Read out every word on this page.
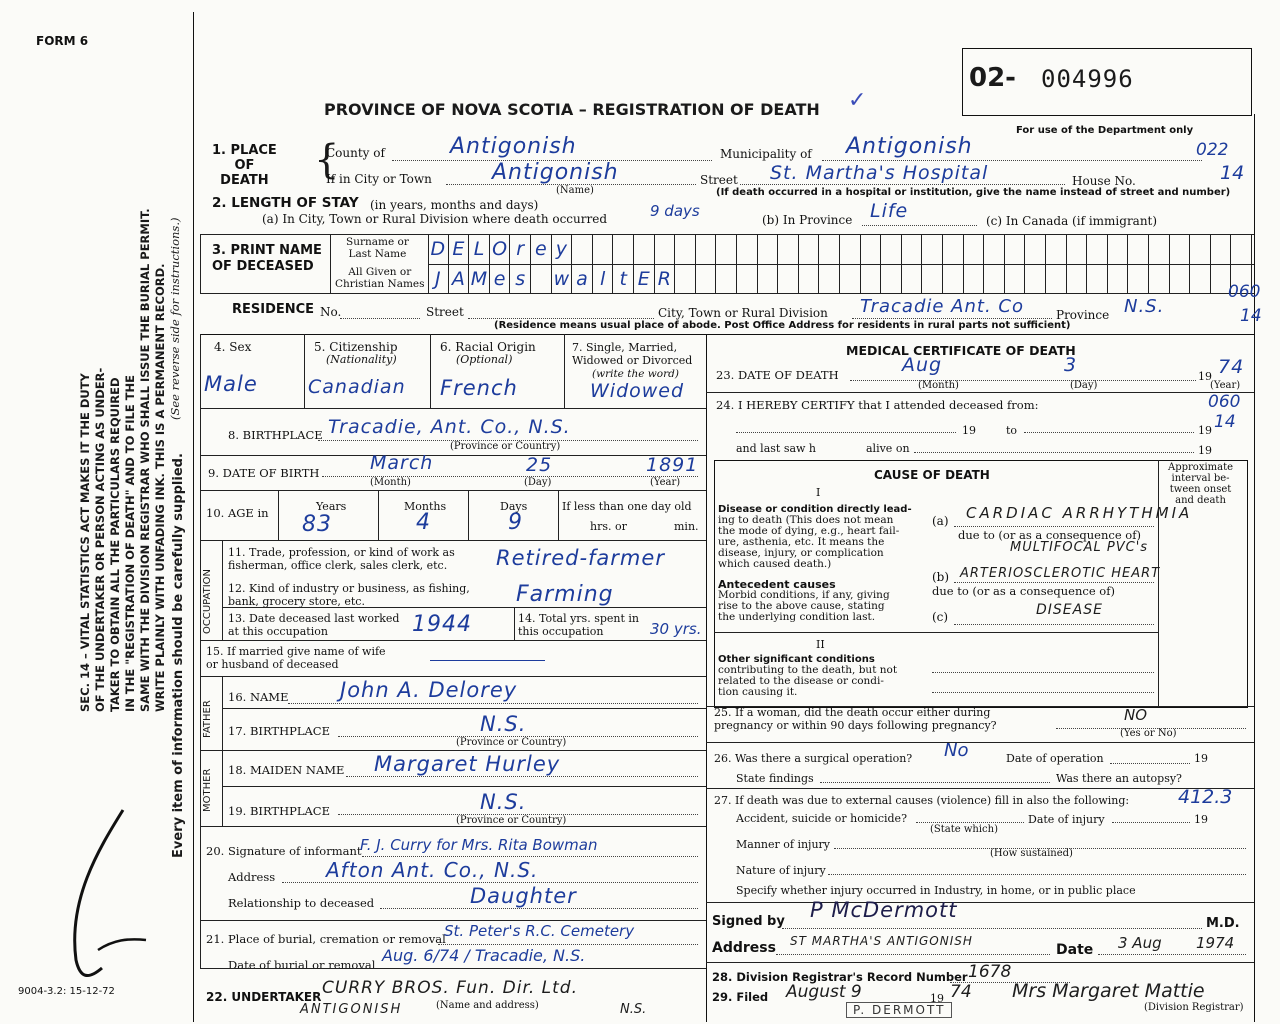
FORM 6
02- 004996
PROVINCE OF NOVA SCOTIA – REGISTRATION OF DEATH ✓
For use of the Department only
SEC. 14 – VITAL STATISTICS ACT MAKES IT THE DUTY OF THE UNDERTAKER OR PERSON ACTING AS UNDER- TAKER TO OBTAIN ALL THE PARTICULARS REQUIRED IN THE "REGISTRATION OF DEATH" AND TO FILE THE SAME WITH THE DIVISION REGISTRAR WHO SHALL ISSUE THE BURIAL PERMIT. WRITE PLAINLY WITH UNFADING INK. THIS IS A PERMANENT RECORD. Every item of information should be carefully supplied.
(See reverse side for instructions.)
1. PLACE
OF
DEATH {
County of	Antigonish	Municipality of Antigonish	022
If in City or Town	Antigonish
(Name)
Street St. Martha's Hospital	House No.	14
(If death occurred in a hospital or institution, give the name instead of street and number)
2. LENGTH OF STAY (in years, months and days)
(a) In City, Town or Rural Division where death occurred	9 days	(b) In Province Life	(c) In Canada (if immigrant)
3. PRINT NAME
OF DECEASED
Surname or
Last Name
All Given or
Christian Names
D E L O r e y
J A M e s	w a l t E R
RESIDENCE No.	Street	City, Town or Rural Division Tracadie Ant. Co	Province N.S.
060
14
(Residence means usual place of abode. Post Office Address for residents in rural parts not sufficient)
4. Sex
Male
5. Citizenship
(Nationality)
Canadian
6. Racial Origin
(Optional)
French
7. Single, Married,
Widowed or Divorced
(write the word)
Widowed
8. BIRTHPLACE Tracadie, Ant. Co., N.S.
(Province or Country)
9. DATE OF BIRTH	March	25	1891
(Month)	(Day)	(Year)
10. AGE in	Years	Months	Days
83	4	9
If less than one day old
hrs. or	min.
OCCUPATION
11. Trade, profession, or kind of work as
fisherman, office clerk, sales clerk, etc.	Retired-farmer
12. Kind of industry or business, as fishing,
bank, grocery store, etc.	Farming
13. Date deceased last worked
at this occupation	1944	14. Total yrs. spent in
this occupation	30 yrs.
15. If married give name of wife
or husband of deceased
FATHER
16. NAME John A. Delorey
17. BIRTHPLACE	N.S.
(Province or Country)
MOTHER 18. MAIDEN NAME Margaret Hurley
19. BIRTHPLACE	N.S.
(Province or Country)
20. Signature of informant
F. J. Curry for Mrs. Rita Bowman
Address	Afton Ant. Co., N.S.
Relationship to deceased	Daughter
21. Place of burial, cremation or removal
St. Peter's R.C. Cemetery
Date of burial or removal Aug. 6/74 / Tracadie, N.S.
22. UNDERTAKER CURRY BROS. Fun. Dir. Ltd.
(Name and address)
ANTIGONISH	N.S.
9004-3.2: 15-12-72
MEDICAL CERTIFICATE OF DEATH
23. DATE OF DEATH	Aug	3
19 74
(Month)	(Day)	(Year)
24. I HEREBY CERTIFY that I attended deceased from:	060
19	to	19 14
and last saw h	alive on	19
CAUSE OF DEATH
Approximate
interval be-
tween onset
and death
I
Disease or condition directly lead-
ing to death (This does not mean
the mode of dying, e.g., heart fail-
ure, asthenia, etc. It means the
disease, injury, or complication
which caused death.)
Antecedent causes
Morbid conditions, if any, giving
rise to the above cause, stating
the underlying condition last.
(a) CARDIAC ARRHYTHMIA
due to (or as a consequence of)
MULTIFOCAL PVC's
(b) ARTERIOSCLEROTIC HEART
due to (or as a consequence of)
(c)	DISEASE
II
Other significant conditions
contributing to the death, but not
related to the disease or condi-
tion causing it.
25. If a woman, did the death occur either during
pregnancy or within 90 days following pregnancy?
NO
(Yes or No)
26. Was there a surgical operation? No	Date of operation	19
State findings	Was there an autopsy?
27. If death was due to external causes (violence) fill in also the following:	412.3
Accident, suicide or homicide?
(State which)
Date of injury	19
Manner of injury
(How sustained)
Nature of injury
Specify whether injury occurred in Industry, in home, or in public place
Signed by P McDermott
M.D.
Address ST MARTHA'S ANTIGONISH
Date 3 Aug 1974
28. Division Registrar's Record Number 1678
29. Filed August 9	19 74 Mrs Margaret Mattie
(Division Registrar)
P. DERMOTT
